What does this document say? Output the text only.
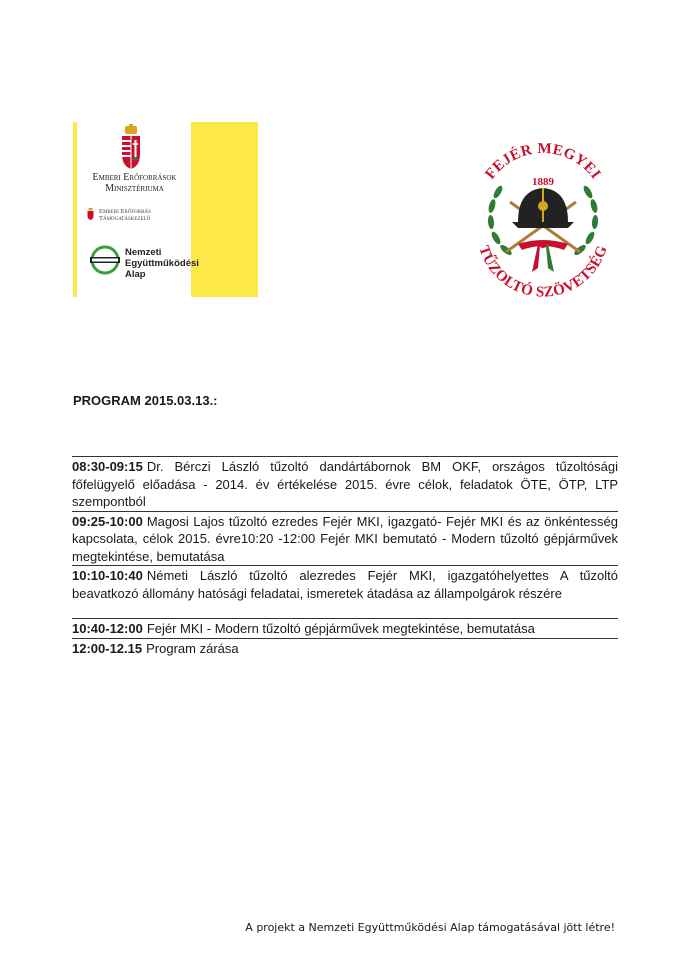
Emberi Erőforrások
Minisztériuma
Emberi Erőforrás
Támogatáskezelő
Nemzeti
Együttműködési
Alap
FEJÉR MEGYEI
1889
TŰZOLTÓ SZÖVETSÉG
PROGRAM 2015.03.13.:
08:30-09:15 Dr. Bérczi László tűzoltó dandártábornok BM OKF, országos tűzoltósági főfelügyelő előadása - 2014. év értékelése 2015. évre célok, feladatok ÖTE, ÖTP, LTP szempontból
09:25-10:00 Magosi Lajos tűzoltó ezredes Fejér MKI, igazgató- Fejér MKI és az önkéntesség kapcsolata, célok 2015. évre10:20 -12:00 Fejér MKI bemutató - Modern tűzoltó gépjárművek megtekintése, bemutatása
10:10-10:40 Németi László tűzoltó alezredes Fejér MKI, igazgatóhelyettes A tűzoltó beavatkozó állomány hatósági feladatai, ismeretek átadása az állampolgárok részére
10:40-12:00 Fejér MKI - Modern tűzoltó gépjárművek megtekintése, bemutatása
12:00-12.15 Program zárása
A projekt a Nemzeti Együttműködési Alap támogatásával jött létre!
